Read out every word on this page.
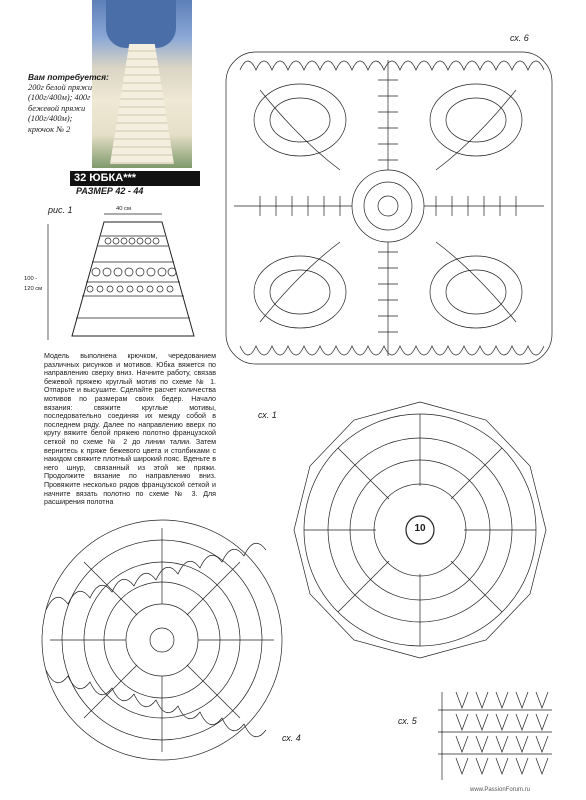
Вам потребуется:
200г белой пряжи
(100г/400м); 400г
бежевой пряжи
(100г/400м);
крючок № 2
32 ЮБКА***
РАЗМЕР 42 - 44
рис. 1	40 см
100 -
120 см

Модель выполнена крючком, чередованием различных рисунков и мотивов. Юбка вяжется по направлению сверху вниз. Начните работу, связав бежевой пряжею круглый мотив по схеме № 1. Отпарьте и высушите. Сделайте расчет количества мотивов по размерам своих бедер. Начало вязания: свяжите круглые мотивы, последовательно соединяя их между собой в последнем ряду. Далее по направлению вверх по кругу вяжите белой пряжею полотно французской сеткой по схеме № 2 до линии талии. Затем вернитесь к пряже бежевого цвета и столбиками с накидом свяжите плотный широкий пояс. Вденьте в него шнур, связанный из этой же пряжи. Продолжите вязание по направлению вниз. Провяжите несколько рядов французской сеткой и начните вязать полотно по схеме № 3. Для расширения полотна

сх. 6
сх. 1
10
сх. 4
сх. 5
www.PassionForum.ru
